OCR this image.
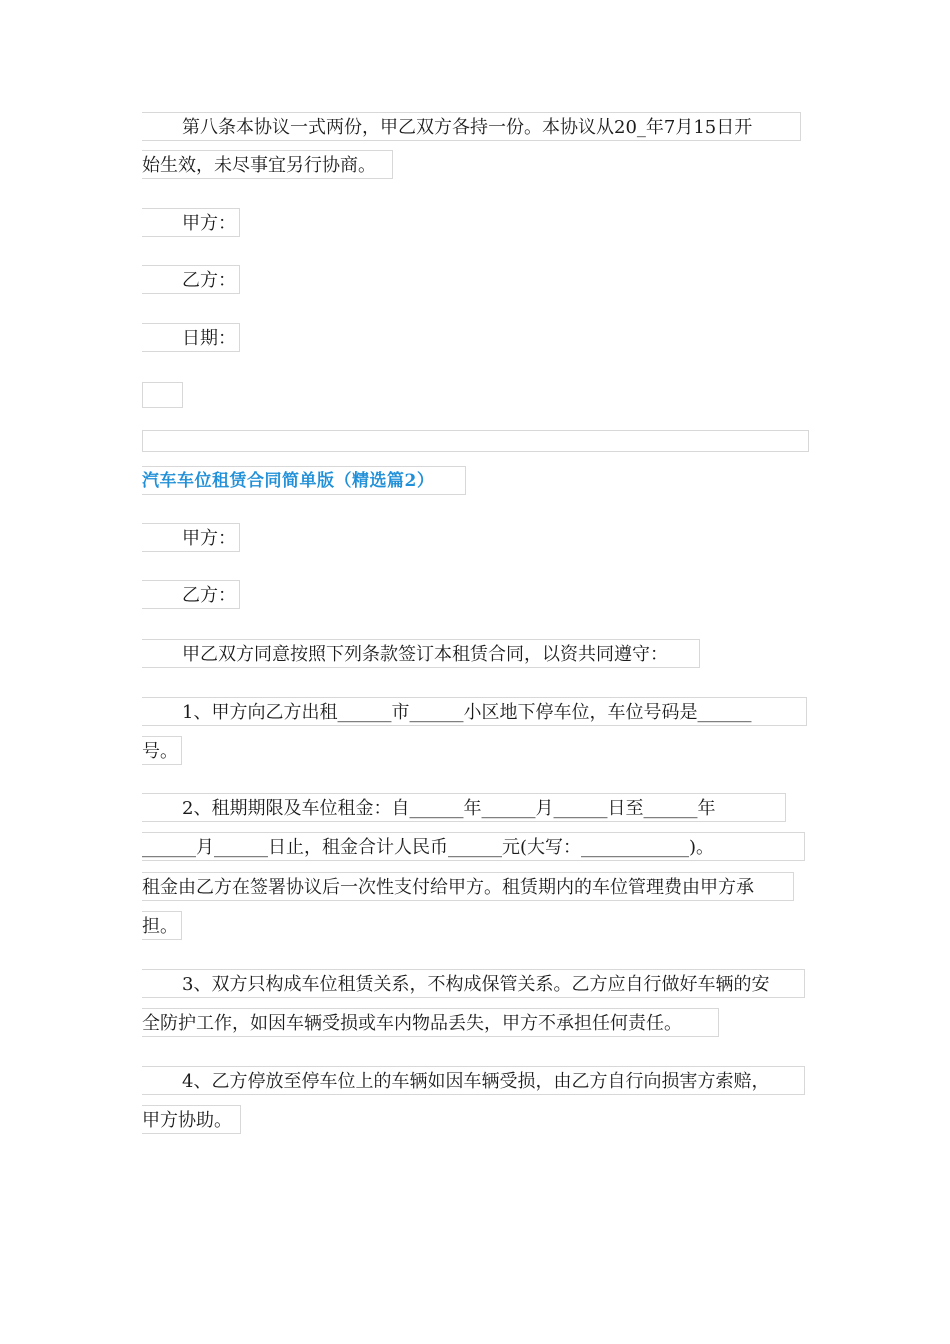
第八条本协议一式两份，甲乙双方各持一份。本协议从20_年7月15日开
始生效，未尽事宜另行协商。
甲方：
乙方：
日期：
汽车车位租赁合同简单版（精选篇2）
甲方：
乙方：
甲乙双方同意按照下列条款签订本租赁合同，以资共同遵守：
1、甲方向乙方出租______市______小区地下停车位，车位号码是______
号。
2、租期期限及车位租金：自______年______月______日至______年
______月______日止，租金合计人民币______元(大写：____________)。
租金由乙方在签署协议后一次性支付给甲方。租赁期内的车位管理费由甲方承
担。
3、双方只构成车位租赁关系，不构成保管关系。乙方应自行做好车辆的安
全防护工作，如因车辆受损或车内物品丢失，甲方不承担任何责任。
4、乙方停放至停车位上的车辆如因车辆受损，由乙方自行向损害方索赔，
甲方协助。
